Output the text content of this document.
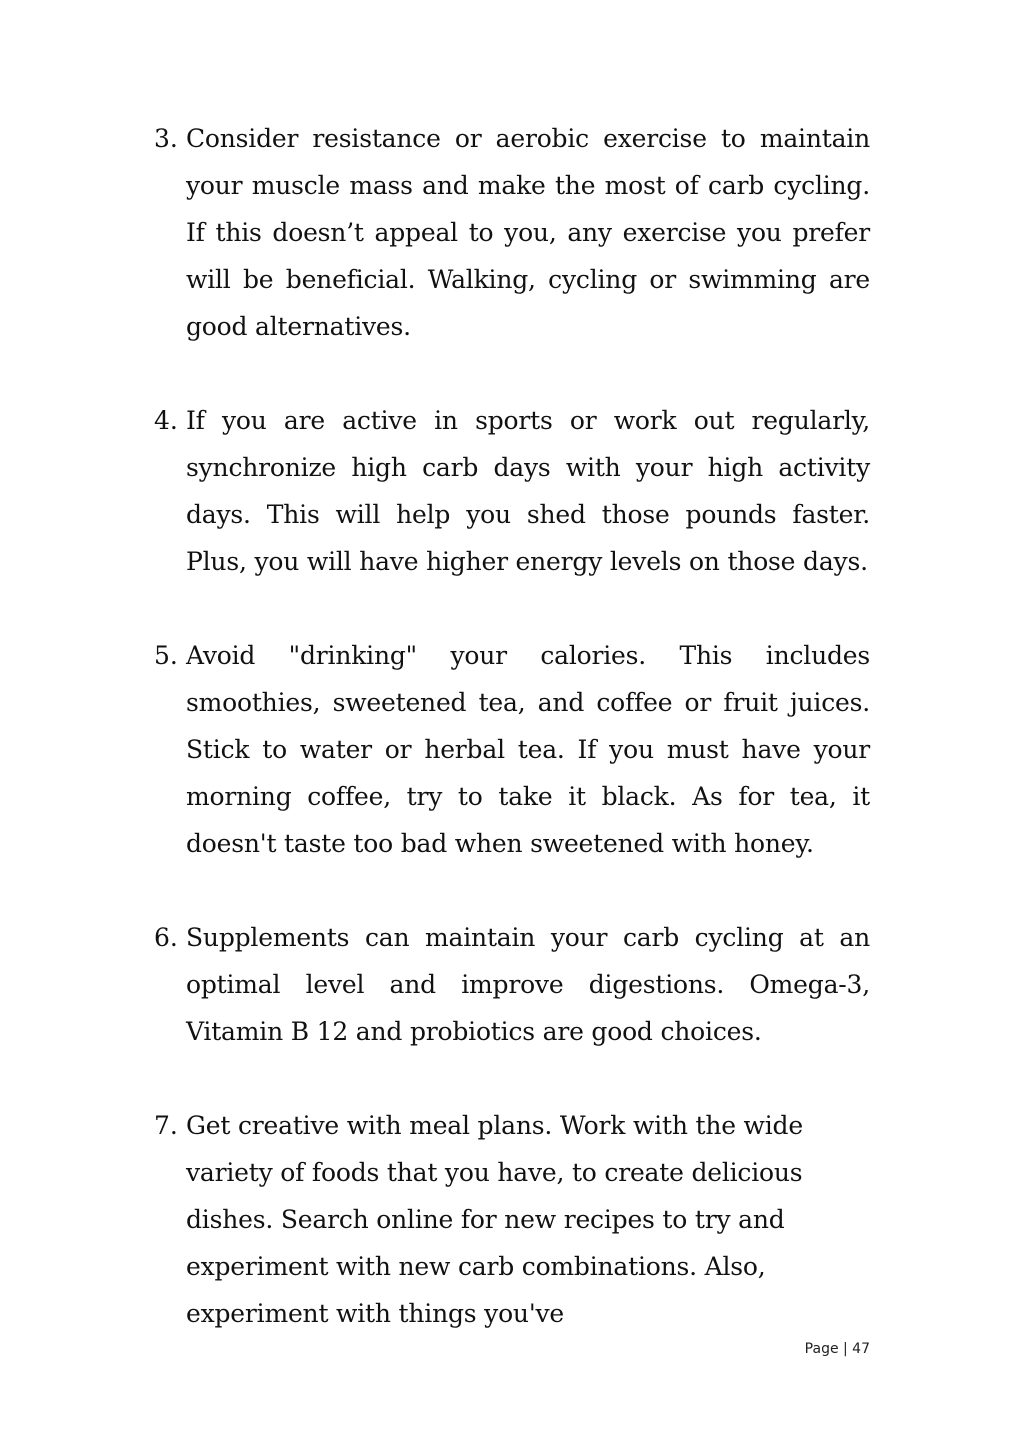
3. Consider resistance or aerobic exercise to maintain your muscle mass and make the most of carb cycling. If this doesn’t appeal to you, any exercise you prefer will be beneficial. Walking, cycling or swimming are good alternatives.
4. If you are active in sports or work out regularly, synchronize high carb days with your high activity days. This will help you shed those pounds faster. Plus, you will have higher energy levels on those days.
5. Avoid "drinking" your calories. This includes smoothies, sweetened tea, and coffee or fruit juices. Stick to water or herbal tea. If you must have your morning coffee, try to take it black. As for tea, it doesn't taste too bad when sweetened with honey.
6. Supplements can maintain your carb cycling at an optimal level and improve digestions. Omega-3, Vitamin B 12 and probiotics are good choices.
7. Get creative with meal plans. Work with the wide variety of foods that you have, to create delicious dishes. Search online for new recipes to try and experiment with new carb combinations. Also, experiment with things you've
Page | 47
